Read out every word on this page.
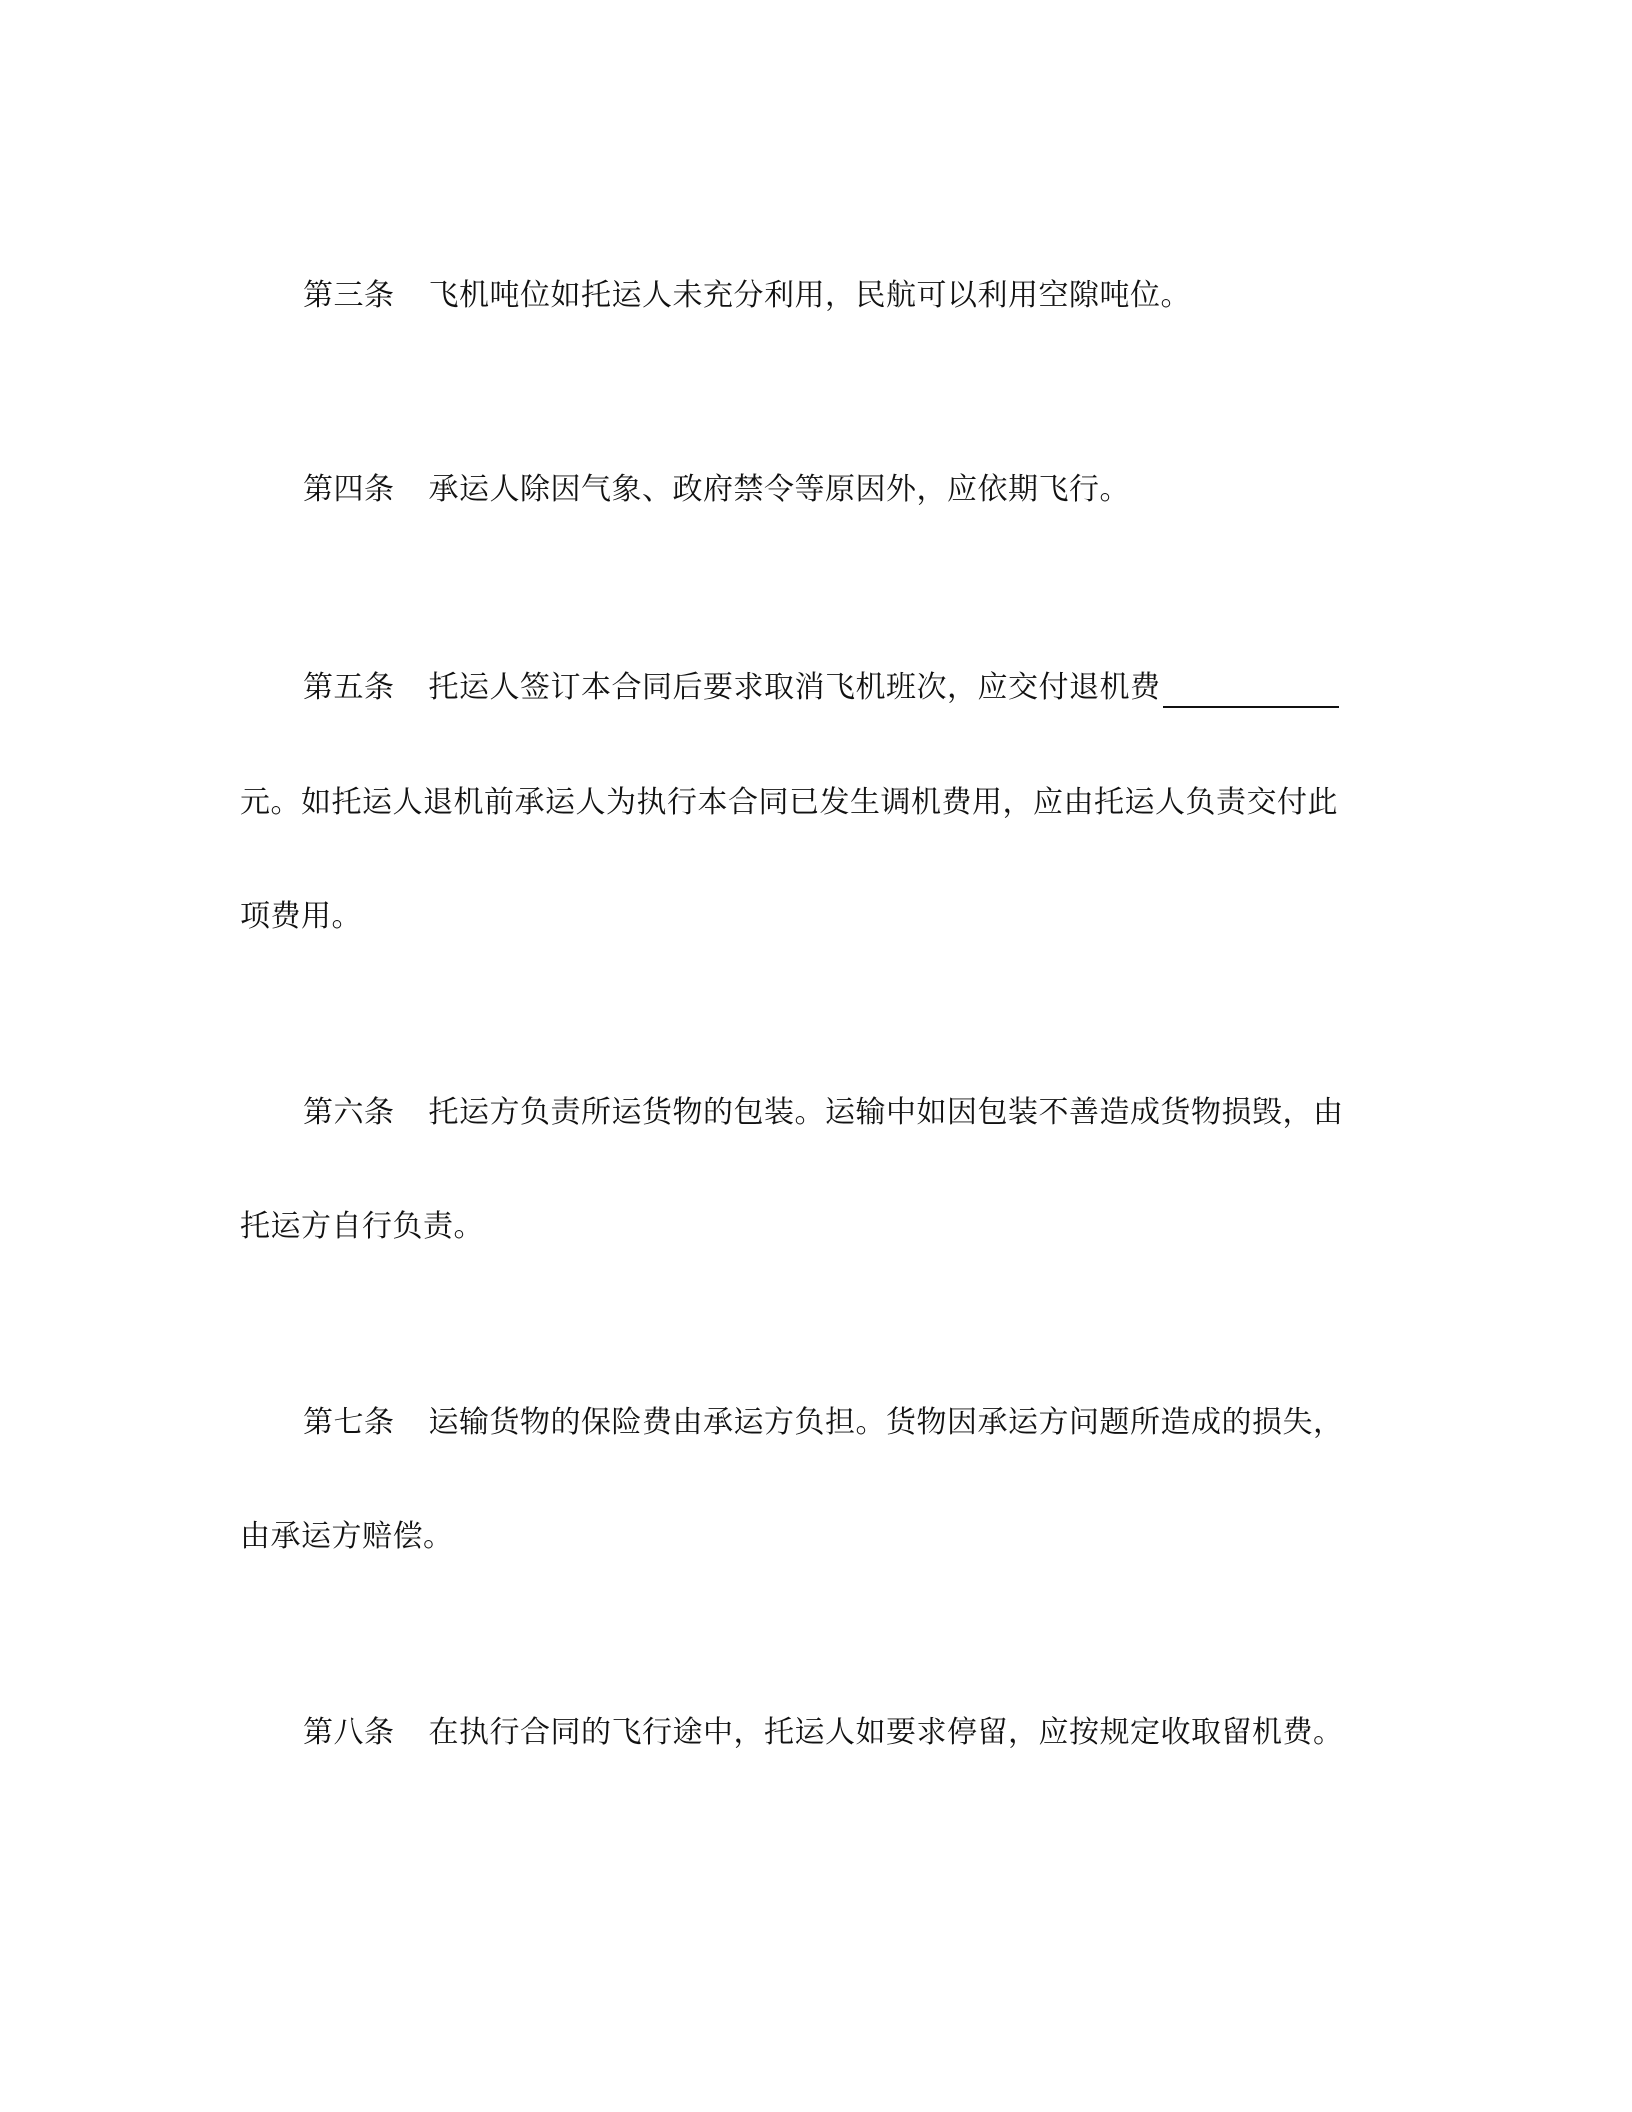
第三条 飞机吨位如托运人未充分利用，民航可以利用空隙吨位。
第四条 承运人除因气象、政府禁令等原因外，应依期飞行。
第五条 托运人签订本合同后要求取消飞机班次，应交付退机费
元。如托运人退机前承运人为执行本合同已发生调机费用，应由托运人负责交付此
项费用。
第六条 托运方负责所运货物的包装。运输中如因包装不善造成货物损毁，由
托运方自行负责。
第七条 运输货物的保险费由承运方负担。货物因承运方问题所造成的损失，
由承运方赔偿。
第八条 在执行合同的飞行途中，托运人如要求停留，应按规定收取留机费。
